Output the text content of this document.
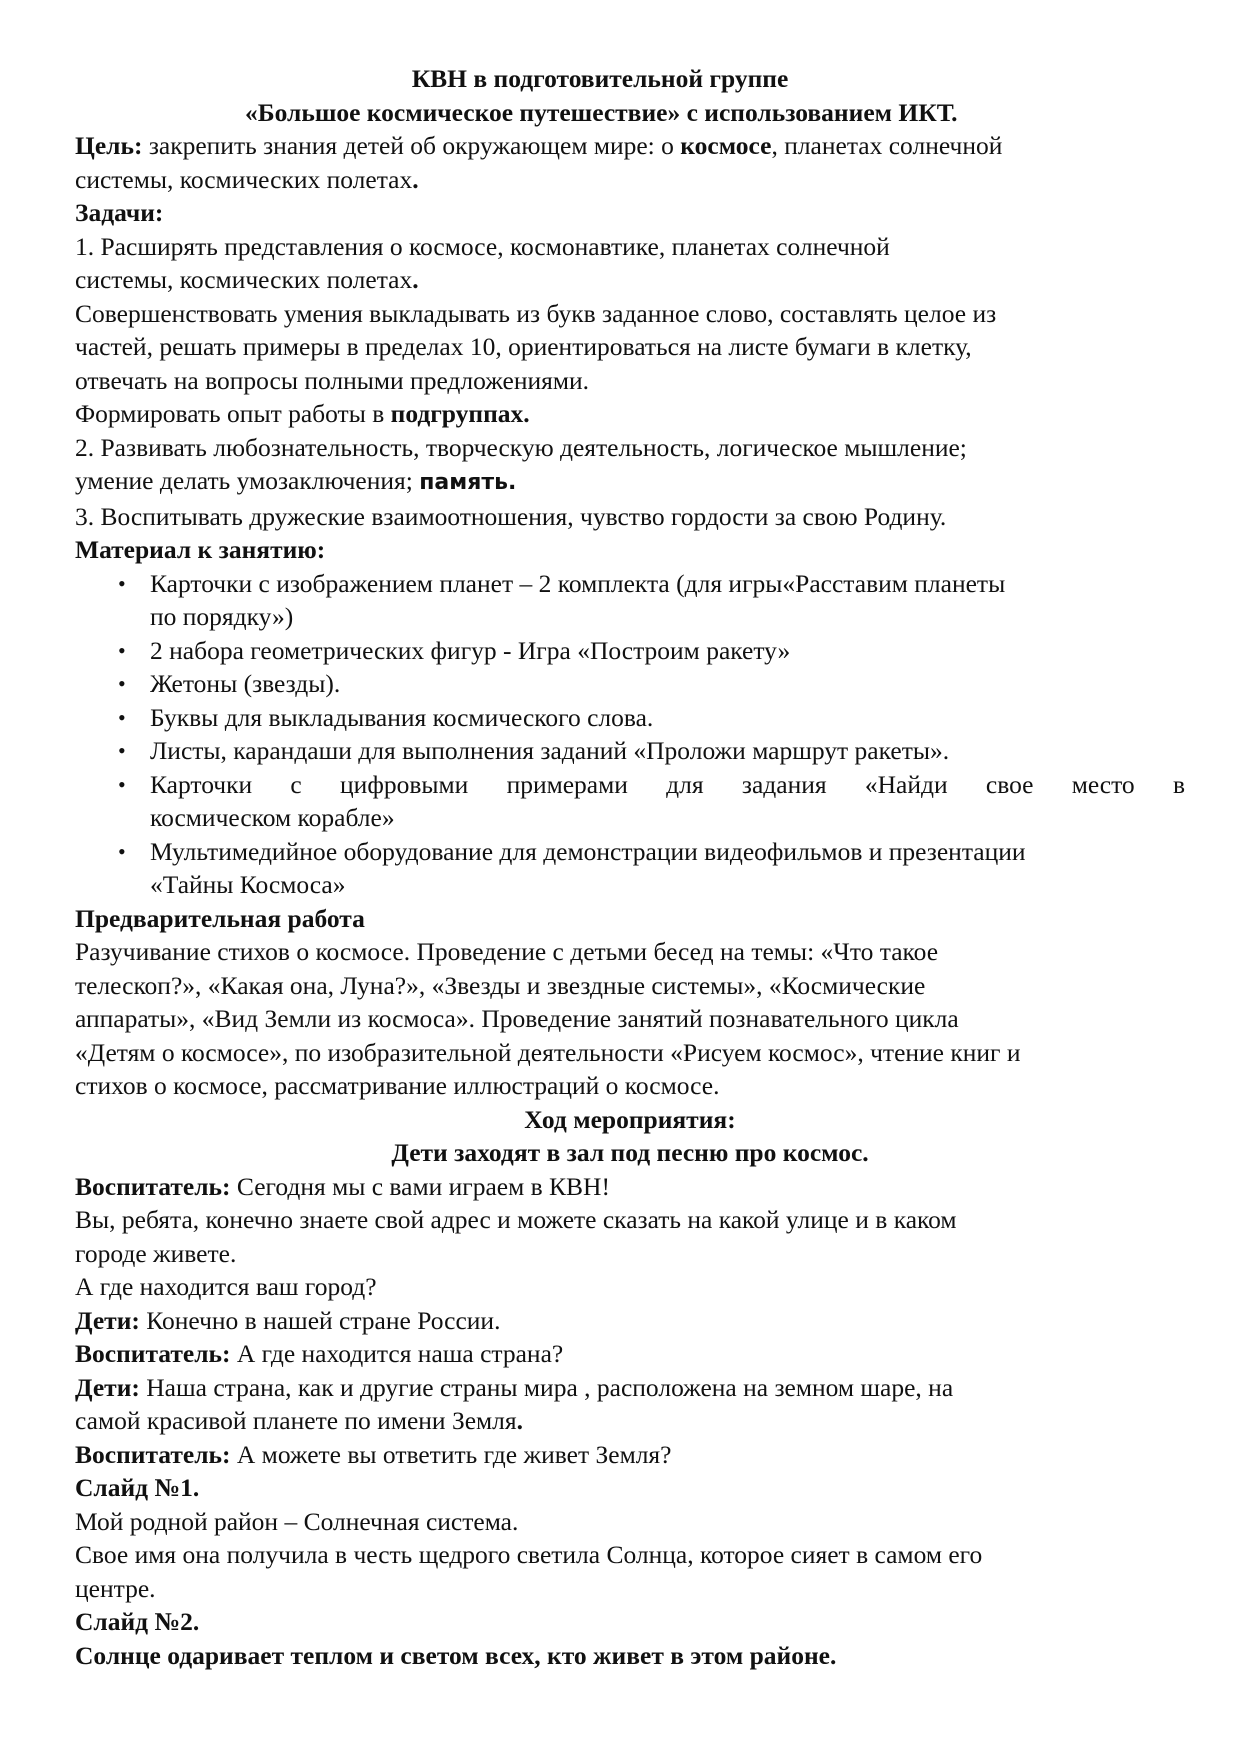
КВН в подготовительной группе
«Большое космическое путешествие» с использованием ИКТ.
Цель: закрепить знания детей об окружающем мире: о космосе, планетах солнечной
системы, космических полетах.
Задачи:
1. Расширять представления о космосе, космонавтике, планетах солнечной
системы, космических полетах.
Совершенствовать умения выкладывать из букв заданное слово, составлять целое из
частей, решать примеры в пределах 10, ориентироваться на листе бумаги в клетку,
отвечать на вопросы полными предложениями.
Формировать опыт работы в подгруппах.
2. Развивать любознательность, творческую деятельность, логическое мышление;
умение делать умозаключения; память.
3. Воспитывать дружеские взаимоотношения, чувство гордости за свою Родину.
Материал к занятию:
• Карточки с изображением планет – 2 комплекта (для игры«Расставим планеты
по порядку»)
• 2 набора геометрических фигур - Игра «Построим ракету»
• Жетоны (звезды).
• Буквы для выкладывания космического слова.
• Листы, карандаши для выполнения заданий «Проложи маршрут ракеты».
• Карточки с цифровыми примерами для задания «Найди свое место в
космическом корабле»
• Мультимедийное оборудование для демонстрации видеофильмов и презентации
«Тайны Космоса»
Предварительная работа
Разучивание стихов о космосе. Проведение с детьми бесед на темы: «Что такое
телескоп?», «Какая она, Луна?», «Звезды и звездные системы», «Космические
аппараты», «Вид Земли из космоса». Проведение занятий познавательного цикла
«Детям о космосе», по изобразительной деятельности «Рисуем космос», чтение книг и
стихов о космосе, рассматривание иллюстраций о космосе.
Ход мероприятия:
Дети заходят в зал под песню про космос.
Воспитатель: Сегодня мы с вами играем в КВН!
Вы, ребята, конечно знаете свой адрес и можете сказать на какой улице и в каком
городе живете.
А где находится ваш город?
Дети: Конечно в нашей стране России.
Воспитатель: А где находится наша страна?
Дети: Наша страна, как и другие страны мира , расположена на земном шаре, на
самой красивой планете по имени Земля.
Воспитатель: А можете вы ответить где живет Земля?
Слайд №1.
Мой родной район – Солнечная система.
Свое имя она получила в честь щедрого светила Солнца, которое сияет в самом его
центре.
Слайд №2.
Солнце одаривает теплом и светом всех, кто живет в этом районе.
